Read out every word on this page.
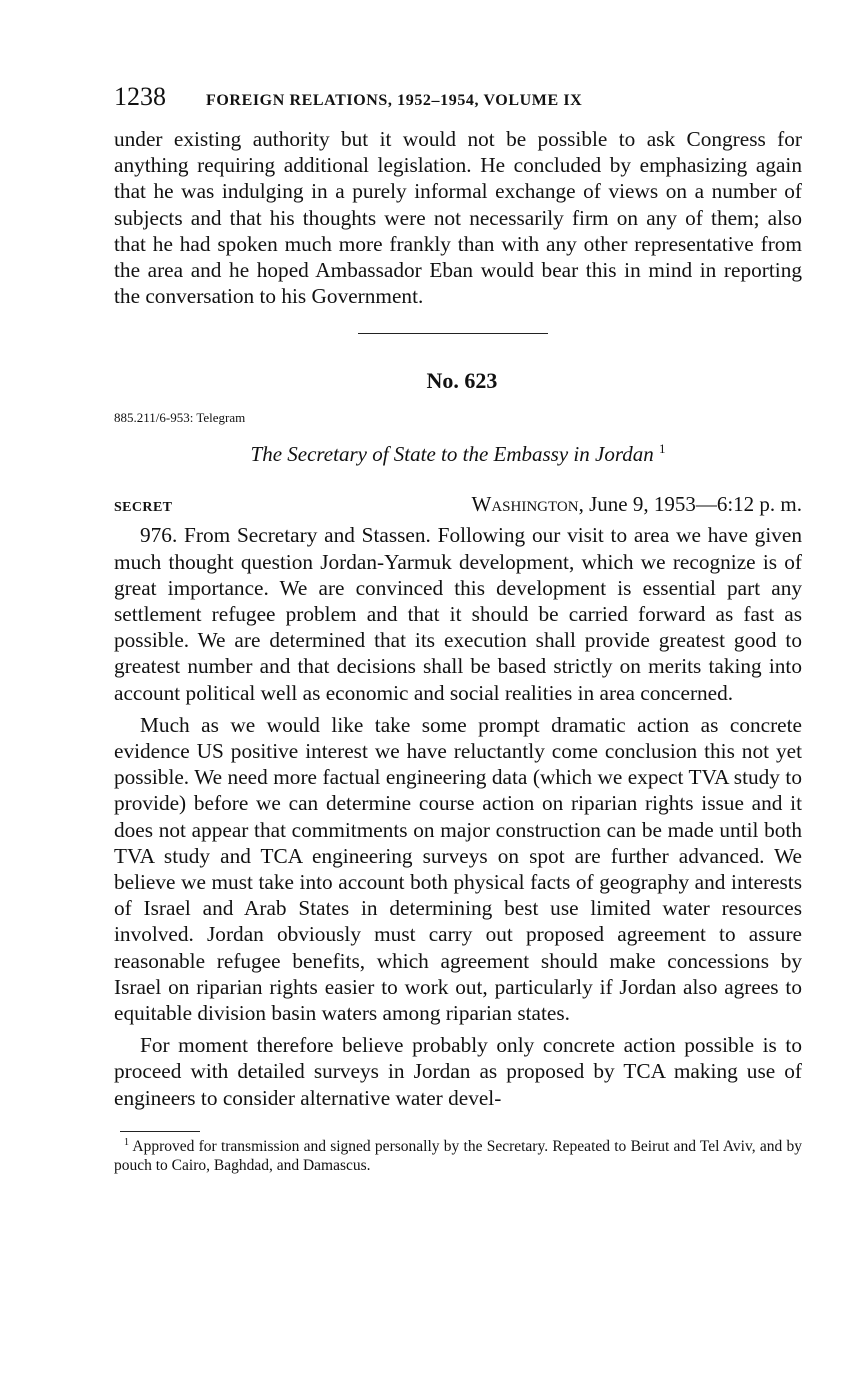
1238	FOREIGN RELATIONS, 1952–1954, VOLUME IX

under existing authority but it would not be possible to ask Congress for anything requiring additional legislation. He concluded by emphasizing again that he was indulging in a purely informal exchange of views on a number of subjects and that his thoughts were not necessarily firm on any of them; also that he had spoken much more frankly than with any other representative from the area and he hoped Ambassador Eban would bear this in mind in reporting the conversation to his Government.

No. 623
885.211/6-953: Telegram
The Secretary of State to the Embassy in Jordan $^1$
SECRET	Washington, June 9, 1953—6:12 p. m.

976. From Secretary and Stassen. Following our visit to area we have given much thought question Jordan-Yarmuk development, which we recognize is of great importance. We are convinced this development is essential part any settlement refugee problem and that it should be carried forward as fast as possible. We are determined that its execution shall provide greatest good to greatest number and that decisions shall be based strictly on merits taking into account political well as economic and social realities in area concerned.

Much as we would like take some prompt dramatic action as concrete evidence US positive interest we have reluctantly come conclusion this not yet possible. We need more factual engineering data (which we expect TVA study to provide) before we can determine course action on riparian rights issue and it does not appear that commitments on major construction can be made until both TVA study and TCA engineering surveys on spot are further advanced. We believe we must take into account both physical facts of geography and interests of Israel and Arab States in determining best use limited water resources involved. Jordan obviously must carry out proposed agreement to assure reasonable refugee benefits, which agreement should make concessions by Israel on riparian rights easier to work out, particularly if Jordan also agrees to equitable division basin waters among riparian states.

For moment therefore believe probably only concrete action possible is to proceed with detailed surveys in Jordan as proposed by TCA making use of engineers to consider alternative water devel-

$^1$ Approved for transmission and signed personally by the Secretary. Repeated to Beirut and Tel Aviv, and by pouch to Cairo, Baghdad, and Damascus.
